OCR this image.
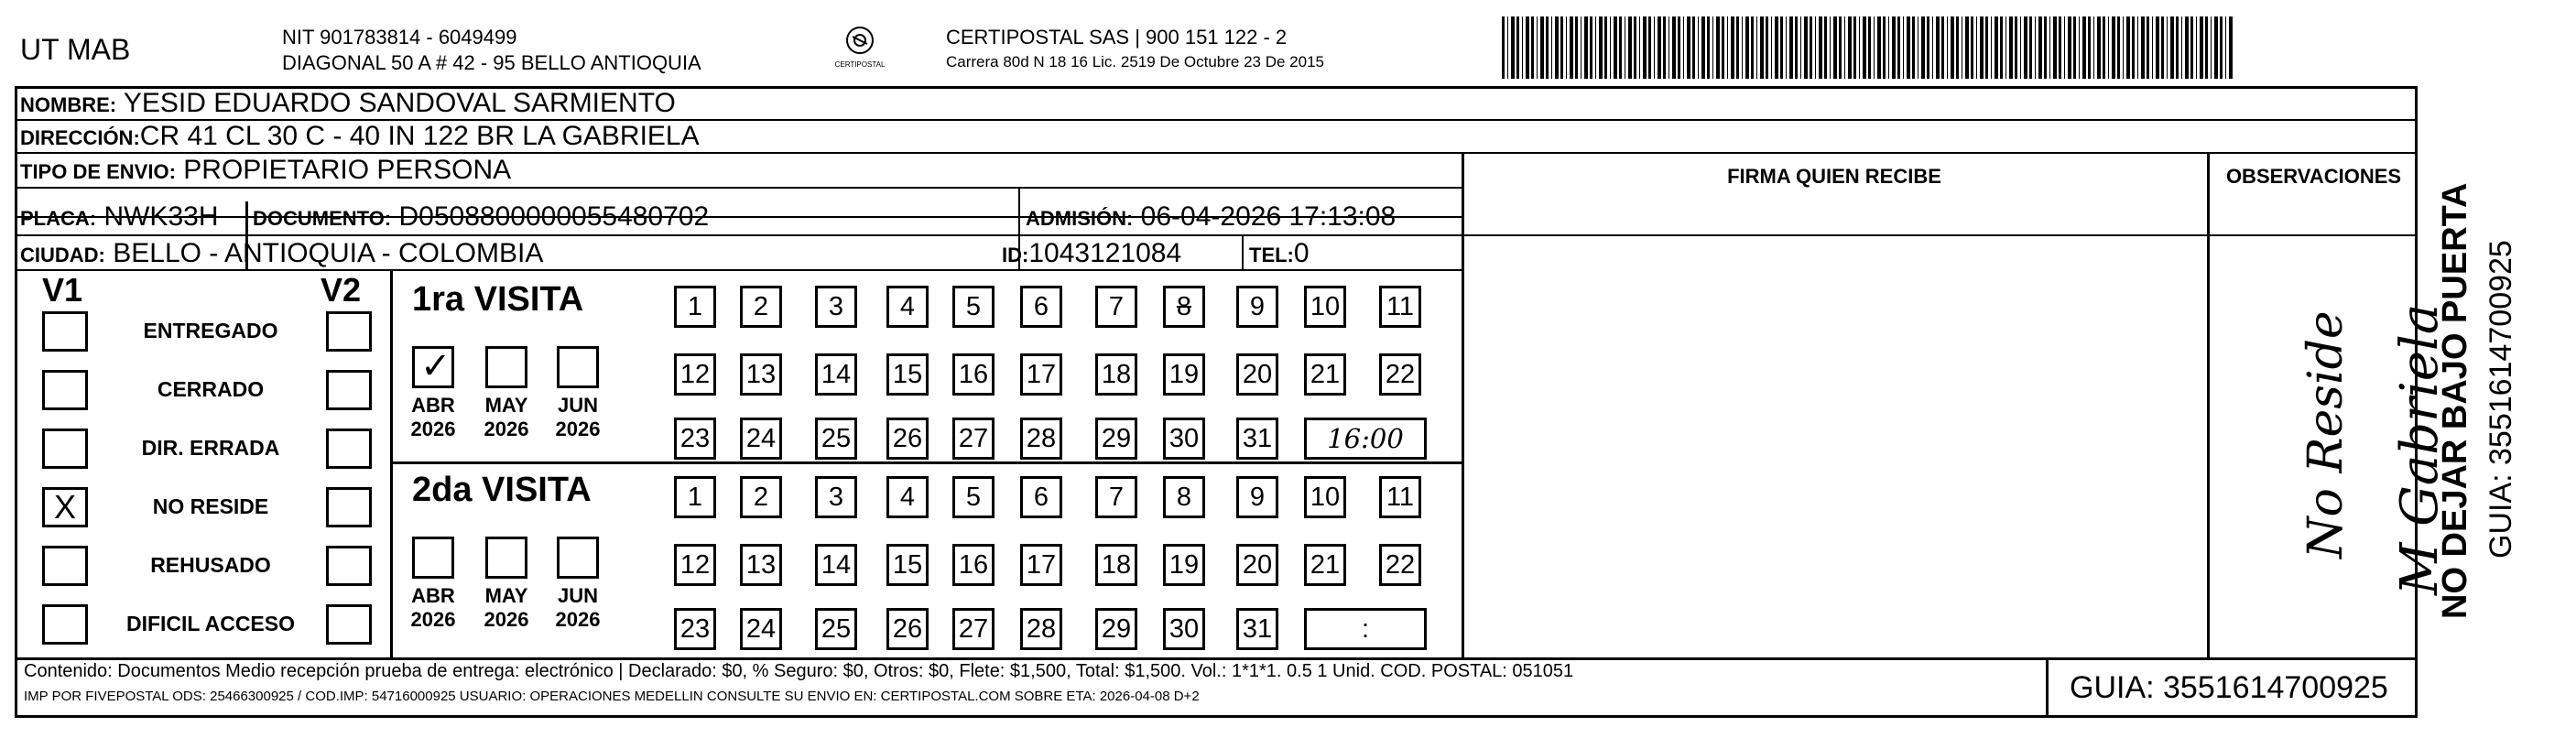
UT MAB	NIT 901783814 - 6049499
DIAGONAL 50 A # 42 - 95 BELLO ANTIOQUIA	CERTIPOSTAL
CERTIPOSTAL SAS | 900 151 122 - 2
Carrera 80d N 18 16 Lic. 2519 De Octubre 23 De 2015
NOMBRE: YESID EDUARDO SANDOVAL SARMIENTO
DIRECCIÓN:CR 41 CL 30 C - 40 IN 122 BR LA GABRIELA
TIPO DE ENVIO: PROPIETARIO PERSONA
PLACA: NWK33H DOCUMENTO: D0508800000055480702	ADMISIÓN: 06-04-2026 17:13:08
CIUDAD: BELLO - ANTIOQUIA - COLOMBIA	ID:1043121084	TEL:0
FIRMA QUIEN RECIBE	OBSERVACIONES
No Reside M Gabriela
V1	V2
ENTREGADO
CERRADO
DIR. ERRADA
X	NO RESIDE
REHUSADO
DIFICIL ACCESO
1ra VISITA
2da VISITA
1	2	3	4	5	6	7	8	9	10 11
12 13 14 15 16 17 18 19 20 21 22
23 24 25 26 27 28 29 30 31	16:00
1	2	3	4	5	6	7	8	9	10 11
12 13 14 15 16 17 18 19 20 21 22
23 24 25 26 27 28 29 30 31	:
✓
ABR
2026
MAY
2026
JUN
2026
ABR
2026
MAY
2026
JUN
2026
Contenido: Documentos Medio recepción prueba de entrega: electrónico | Declarado: $0, % Seguro: $0, Otros: $0, Flete: $1,500, Total: $1,500. Vol.: 1*1*1. 0.5 1 Unid. COD. POSTAL: 051051
IMP POR FIVEPOSTAL ODS: 25466300925 / COD.IMP: 54716000925 USUARIO: OPERACIONES MEDELLIN CONSULTE SU ENVIO EN: CERTIPOSTAL.COM SOBRE ETA: 2026-04-08 D+2	GUIA: 3551614700925
NO DEJAR BAJO PUERTA GUIA: 3551614700925
